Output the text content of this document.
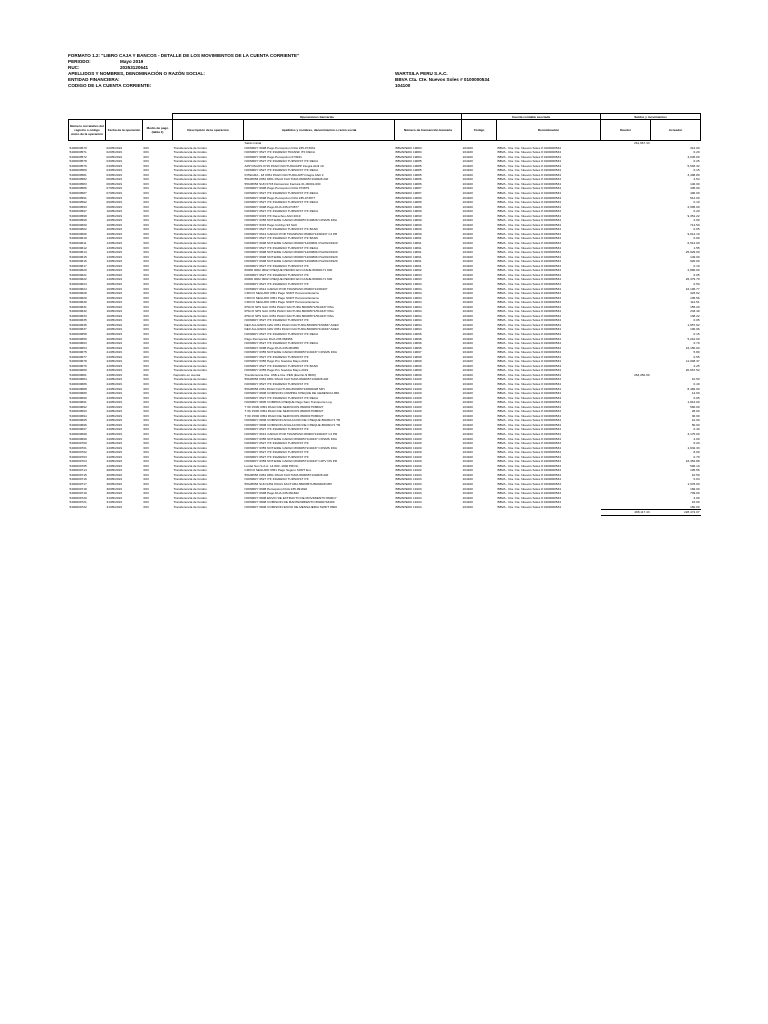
FORMATO 1.2: "LIBRO CAJA Y BANCOS - DETALLE DE LOS MOVIMIENTOS DE LA CUENTA CORRIENTE"
PERIODO:	Mayo 2019
RUC:	20253120641
APELLIDOS Y NOMBRES, DENOMINACIÓN O RAZÓN SOCIAL:	WARTSILA PERU S.A.C.
ENTIDAD FINANCIERA:	BBVA Cta. Cte. Nuevos Soles # 0100000534
CODIGO DE LA CUENTA CORRIENTE:	104100
			Operaciones bancarias			Cuenta contable asociada		Saldos y movimientos	
Número correlativo del registro o código único de la operación	Fecha de la operación	Medio de pago (tabla 1)	Descripción de la operación	Apellidos y nombres, denominación o razón social	Número de transacción bancaria	Código	Denominación	Deudor	Acreedor
				Saldo Inicial				261,967.43	
5400000570	02/05/2019	003	Transferencia de fondos	NOWRRY 0998 Pago Percepcion DUA 235-073931	BBVAPERU 19084	104100	BBVA - Cta. Cte. Nuevos Soles # 0100000534		312.00
5400000571	02/05/2019	003	Transferencia de fondos	NOWRRY 0527 ITF INGRESO TRANSF ITF RECA	BBVAPERU 19084	104100	BBVA - Cta. Cte. Nuevos Soles # 0100000534		0.20
5400000572	02/05/2019	003	Transferencia de fondos	NOWRRY 0998 Pago Percepcion 073931	BBVAPERU 19084	104100	BBVA - Cta. Cte. Nuevos Soles # 0100000534		4,045.00
5400000578	03/05/2019	003	Transferencia de fondos	NOWRRY 0527 ITF INGRESO TURSIOST ITF RECA	BBVAPERU 19085	104100	BBVA - Cta. Cte. Nuevos Soles # 0100000534		0.25
5400000579	03/05/2019	003	Transferencia de fondos	APP PAGOS 0715 PAGO FACTURA/APP Integra Abril 19	BBVAPERU 19085	104100	BBVA - Cta. Cte. Nuevos Soles # 0100000534		5,503.32
5400000580	03/05/2019	003	Transferencia de fondos	NOWRRY 0527 ITF INGRESO TURSIOST ITF RECA	BBVAPERU 19085	104100	BBVA - Cta. Cte. Nuevos Soles # 0100000534		0.15
5400000581	03/05/2019	003	Transferencia de fondos	INTEGRA - 18 0351 PAGO FACTURA APP Integra Abril 2	BBVAPERU 19085	104100	BBVA - Cta. Cte. Nuevos Soles # 0100000534		3,498.89
5400000582	06/05/2019	003	Transferencia de fondos	55108653 0354 0351 PAGO FACTURA 86000571/40828 AIR	BBVAPERU 19086	104100	BBVA - Cta. Cte. Nuevos Soles # 0100000534		2.54
5400000583	06/05/2019	003	Transferencia de fondos	55108653 SUN 0715 Detraccion Factura 01-00001-000	BBVAPERU 19086	104100	BBVA - Cta. Cte. Nuevos Soles # 0100000534		140.00
5400000586	07/05/2019	003	Transferencia de fondos	NOWRRY 0998 Pago Percepcion DUA 073879	BBVAPERU 19087	104100	BBVA - Cta. Cte. Nuevos Soles # 0100000534		435.00
5400000587	07/05/2019	003	Transferencia de fondos	NOWRRY 0527 ITF INGRESO TURSIOST ITF RECA	BBVAPERU 19087	104100	BBVA - Cta. Cte. Nuevos Soles # 0100000534		406.00
5400000591	09/05/2019	003	Transferencia de fondos	NOWRRY 0998 Pago Percepcion DUA 235-073877	BBVAPERU 19089	104100	BBVA - Cta. Cte. Nuevos Soles # 0100000534		512.00
5400000592	09/05/2019	003	Transferencia de fondos	NOWRRY 0527 ITF INGRESO TURSIOST ITF RECA	BBVAPERU 19089	104100	BBVA - Cta. Cte. Nuevos Soles # 0100000534		0.10
5400000593	09/05/2019	003	Transferencia de fondos	NOWRRY 0998 Pago DUA 235-073877	BBVAPERU 19089	104100	BBVA - Cta. Cte. Nuevos Soles # 0100000534		2,995.00
5400000597	10/05/2019	003	Transferencia de fondos	NOWRRY 0527 ITF INGRESO TURSIOST ITF RECA	BBVAPERU 19090	104100	BBVA - Cta. Cte. Nuevos Soles # 0100000534		0.20
5400000598	10/05/2019	003	Transferencia de fondos	NOWRRY 0315 ITF Derechos Abril 2019	BBVAPERU 19090	104100	BBVA - Cta. Cte. Nuevos Soles # 0100000534		9,351.22
5400000599	10/05/2019	003	Transferencia de fondos	NOWRRY 0355 NOT.E/DE CARGO 86000571/40828 COSMS FRA	BBVAPERU 19090	104100	BBVA - Cta. Cte. Nuevos Soles # 0100000534		2.00
5400000600	10/05/2019	003	Transferencia de fondos	NOWRRY 0315 Pago Cobbys 93 SAC	BBVAPERU 19090	104100	BBVA - Cta. Cte. Nuevos Soles # 0100000534		714.50
5400000602	10/05/2019	003	Transferencia de fondos	NOWRRY 0527 ITF INGRESO TURSIOST ITF BANC	BBVAPERU 19090	104100	BBVA - Cta. Cte. Nuevos Soles # 0100000534		0.05
5400000606	10/05/2019	003	Transferencia de fondos	NOWRRY 0612 CARGO POR TRASPASO 86000714/00437 CJ PR	BBVAPERU 19090	104100	BBVA - Cta. Cte. Nuevos Soles # 0100000534		9,014.10
5400000610	13/05/2019	003	Transferencia de fondos	NOWRRY 0527 ITF INGRESO TURSIOST ITF BANC	BBVAPERU 19091	104100	BBVA - Cta. Cte. Nuevos Soles # 0100000534		0.90
5400000611	13/05/2019	003	Transferencia de fondos	NOWRRY 0998 NOT.E/DE CARGO 86000714/00801 PG2013/1920	BBVAPERU 19091	104100	BBVA - Cta. Cte. Nuevos Soles # 0100000534		6,512.00
5400000612	13/05/2019	003	Transferencia de fondos	NOWRRY 0527 ITF INGRESO TURSIOST ITF RECA	BBVAPERU 19091	104100	BBVA - Cta. Cte. Nuevos Soles # 0100000534		1.55
5400000613	13/05/2019	003	Transferencia de fondos	NOWRRY 0998 NOT.E/DE CARGO 86000714/00806 PG2013/1920	BBVAPERU 19091	104100	BBVA - Cta. Cte. Nuevos Soles # 0100000534		25,929.00
5400000615	13/05/2019	003	Transferencia de fondos	NOWRRY 0998 NOT.E/DE CARGO 86000714/00806 PG2013/1920	BBVAPERU 19091	104100	BBVA - Cta. Cte. Nuevos Soles # 0100000534		149.00
5400000616	13/05/2019	003	Transferencia de fondos	NOWRRY 0998 NOT.E/DE CARGO 86000714/00806 PG2013/1920	BBVAPERU 19091	104100	BBVA - Cta. Cte. Nuevos Soles # 0100000534		920.00
5400000617	13/05/2019	003	Transferencia de fondos	NOWRRY 0527 ITF INGRESO TURSIOST ITF	BBVAPERU 19091	104100	BBVA - Cta. Cte. Nuevos Soles # 0100000534		0.10
5400000620	13/05/2019	003	Transferencia de fondos	00000 0002 0602 CHEQUE PEDIDO EN CANJE 86000171 900	BBVAPERU 19092	104100	BBVA - Cta. Cte. Nuevos Soles # 0100000534		2,800.00
5400000621	14/05/2019	003	Transferencia de fondos	NOWRRY 0527 ITF INGRESO TURSIOST ITF	BBVAPERU 19093	104100	BBVA - Cta. Cte. Nuevos Soles # 0100000534		0.05
5400000622	14/05/2019	003	Transferencia de fondos	00000 0002 0602 CHEQUE PEDIDO EN CANJE 86000171 600	BBVAPERU 19093	104100	BBVA - Cta. Cte. Nuevos Soles # 0100000534		26,379.79
5400000623	16/05/2019	003	Transferencia de fondos	NOWRRY 0527 ITF INGRESO TURSIOST ITF	BBVAPERU 19094	104100	BBVA - Cta. Cte. Nuevos Soles # 0100000534		0.50
5400000624	16/05/2019	003	Transferencia de fondos	NOWRRY 0612 CARGO POR TRASPASO 86000714/00437	BBVAPERU 19094	104100	BBVA - Cta. Cte. Nuevos Soles # 0100000534		16,106.77
5400000628	16/05/2019	003	Transferencia de fondos	CIFICO SEGURO 0351 Pago SORT Personal Externo	BBVAPERU 19094	104100	BBVA - Cta. Cte. Nuevos Soles # 0100000534		323.62
5400000629	16/05/2019	003	Transferencia de fondos	CIFICO SEGURO 0351 Pago SORT Personal Externo	BBVAPERU 19094	104100	BBVA - Cta. Cte. Nuevos Soles # 0100000534		105.56
5400000630	16/05/2019	003	Transferencia de fondos	CIFICO SEGURO 0351 Pago SORT Personal Externo	BBVAPERU 19094	104100	BBVA - Cta. Cte. Nuevos Soles # 0100000534		112.51
5400000631	16/05/2019	003	Transferencia de fondos	IPSCO SPS SAC 0351 PAGO FACTURA 86000571/510437 PAG	BBVAPERU 19094	104100	BBVA - Cta. Cte. Nuevos Soles # 0100000534		155.29
5400000632	16/05/2019	003	Transferencia de fondos	IPSCO SPS SAC 0351 PAGO FACTURA 86000571/510437 PAG	BBVAPERU 19094	104100	BBVA - Cta. Cte. Nuevos Soles # 0100000534		233.49
5400000633	16/05/2019	003	Transferencia de fondos	IPSCO SPS SAC 0351 PAGO FACTURA 86000571/510437 PAG	BBVAPERU 19094	104100	BBVA - Cta. Cte. Nuevos Soles # 0100000534		138.22
5400000635	16/05/2019	003	Transferencia de fondos	NOWRRY 0527 ITF INGRESO TURSIOST ITF	BBVAPERU 19094	104100	BBVA - Cta. Cte. Nuevos Soles # 0100000534		0.05
5400000636	16/05/2019	003	Transferencia de fondos	DEX ALLIANKS NAV 0351 PAGO FACTURA 86000571/09837 ADEX	BBVAPERU 19094	104100	BBVA - Cta. Cte. Nuevos Soles # 0100000534		1,657.62
5400000637	16/05/2019	003	Transferencia de fondos	DEX ALLIANKS NAV 0351 PAGO FACTURA 86000571/40437 ADEX	BBVAPERU 19094	104100	BBVA - Cta. Cte. Nuevos Soles # 0100000534		100.06
5400000658	20/05/2019	003	Transferencia de fondos	NOWRRY 0527 ITF INGRESO TURSIOST ITF RECA	BBVAPERU 19096	104100	BBVA - Cta. Cte. Nuevos Soles # 0100000534		0.15
5400000659	20/05/2019	003	Transferencia de fondos	Pago Percepcion DUA 235 084956	BBVAPERU 19096	104100	BBVA - Cta. Cte. Nuevos Soles # 0100000534		5,210.00
5400000663	20/05/2019	003	Transferencia de fondos	NOWRRY 0527 ITF INGRESO TURSIOST ITF RECA	BBVAPERU 19096	104100	BBVA - Cta. Cte. Nuevos Soles # 0100000534		0.79
5400000664	20/05/2019	003	Transferencia de fondos	NOWRRY 0998 Pago DUA 235-084956	BBVAPERU 19096	104100	BBVA - Cta. Cte. Nuevos Soles # 0100000534		16,150.00
5400000675	21/05/2019	003	Transferencia de fondos	NOWRRY 0355 NOT.E/DE CARGO 86000571/40437 COSMS FRA	BBVAPERU 19097	104100	BBVA - Cta. Cte. Nuevos Soles # 0100000534		5.80
5400000677	23/05/2019	003	Transferencia de fondos	NOWRRY 0527 ITF INGRESO TURSIOST ITF	BBVAPERU 19099	104100	BBVA - Cta. Cte. Nuevos Soles # 0100000534		0.55
5400000678	23/05/2019	003	Transferencia de fondos	NOWRRY 0355 Pago Pro Sueldos Mayo 2019	BBVAPERU 19099	104100	BBVA - Cta. Cte. Nuevos Soles # 0100000534		11,008.37
5400000679	23/05/2019	003	Transferencia de fondos	NOWRRY 0527 ITF INGRESO TURSIOST ITF BANC	BBVAPERU 19099	104100	BBVA - Cta. Cte. Nuevos Soles # 0100000534		2.25
5400000680	23/05/2019	003	Transferencia de fondos	NOWRRY 0355 Pago Pro Sueldos Mayo 2019	BBVAPERU 19099	104100	BBVA - Cta. Cte. Nuevos Soles # 0100000534		20,667.52
5400000681	24/05/2019	001	Depósito en cuenta	Transferencia Cta. US$ a Cta. PEN (Escrito $ 3606)	BBVAPERU 19099	104100	BBVA - Cta. Cte. Nuevos Soles # 0100000534	263,250.00	
5400000684	24/05/2019	003	Transferencia de fondos	55108653 0354 0351 PAGO FACTURA 86000571/40828 AIR	BBVAPERU 19100	104100	BBVA - Cta. Cte. Nuevos Soles # 0100000534		10.50
5400000686	24/05/2019	003	Transferencia de fondos	NOWRRY 0527 ITF INGRESO TURSIOST ITF	BBVAPERU 19100	104100	BBVA - Cta. Cte. Nuevos Soles # 0100000534		0.40
5400000688	24/05/2019	003	Transferencia de fondos	55108653 0351 PAGO FACTURA 86000571/8000028 MPI	BBVAPERU 19100	104100	BBVA - Cta. Cte. Nuevos Soles # 0100000534		8,482.00
5400000689	24/05/2019	003	Transferencia de fondos	NOWRRY 0808 COMISION COMPRA CHEQUE DE GERENCIA 860	BBVAPERU 19100	104100	BBVA - Cta. Cte. Nuevos Soles # 0100000534		14.00
5400000690	24/05/2019	003	Transferencia de fondos	NOWRRY 0527 ITF INGRESO TURSIOST ITF RECA	BBVAPERU 19100	104100	BBVA - Cta. Cte. Nuevos Soles # 0100000534		0.05
5400000691	24/05/2019	003	Transferencia de fondos	NOWRRY 0805 COMPRA CHEQUE Pago Sam Transporte Log	BBVAPERU 19100	104100	BBVA - Cta. Cte. Nuevos Soles # 0100000534		1,812.00
5400000692	24/05/2019	003	Transferencia de fondos	T 00 15/00 0354 PAGO DE SERVICIOS 86000175/86027	BBVAPERU 19100	104100	BBVA - Cta. Cte. Nuevos Soles # 0100000534		590.00
5400000693	24/05/2019	003	Transferencia de fondos	T 00 15/00 0354 PAGO DE SERVICIOS 86000175/86027	BBVAPERU 19100	104100	BBVA - Cta. Cte. Nuevos Soles # 0100000534		28.00
5400000694	24/05/2019	003	Transferencia de fondos	T 00 15/00 0354 PAGO DE SERVICIOS 86000175/86027	BBVAPERU 19100	104100	BBVA - Cta. Cte. Nuevos Soles # 0100000534		36.00
5400000695	24/05/2019	003	Transferencia de fondos	NOWRRY 0808 COMISION ANULACION DE CHEQUE 86000171 TR	BBVAPERU 19100	104100	BBVA - Cta. Cte. Nuevos Soles # 0100000534		10.00
5400000696	24/05/2019	003	Transferencia de fondos	NOWRRY 0808 COMISION ANULACION DE CHEQUE 86000171 TR	BBVAPERU 19100	104100	BBVA - Cta. Cte. Nuevos Soles # 0100000534		50.00
5400000697	24/05/2019	003	Transferencia de fondos	NOWRRY 0527 ITF INGRESO TURSIOST ITF	BBVAPERU 19100	104100	BBVA - Cta. Cte. Nuevos Soles # 0100000534		0.40
5400000698	24/05/2019	003	Transferencia de fondos	NOWRRY 0612 CARGO POR TRASPASO 86000714/00437 CJ PR	BBVAPERU 19100	104100	BBVA - Cta. Cte. Nuevos Soles # 0100000534		3,175.00
5400000699	24/05/2019	003	Transferencia de fondos	NOWRRY 0355 NOT.E/DE CARGO 86000571/40437 COSMS FRA	BBVAPERU 19100	104100	BBVA - Cta. Cte. Nuevos Soles # 0100000534		2.00
5400000700	24/05/2019	003	Transferencia de fondos	NOWRRY 0527 ITF INGRESO TURSIOST ITF	BBVAPERU 19100	104100	BBVA - Cta. Cte. Nuevos Soles # 0100000534		0.20
5400000701	24/05/2019	003	Transferencia de fondos	NOWRRY 0355 NOT.E/DE CARGO 86000571/40437 COSMS FRA	BBVAPERU 19100	104100	BBVA - Cta. Cte. Nuevos Soles # 0100000534		1,632.33
5400000702	24/05/2019	003	Transferencia de fondos	NOWRRY 0527 ITF INGRESO TURSIOST ITF	BBVAPERU 19100	104100	BBVA - Cta. Cte. Nuevos Soles # 0100000534		8.00
5400000703	24/05/2019	003	Transferencia de fondos	NOWRRY 0527 ITF INGRESO TURSIOST ITF	BBVAPERU 19100	104100	BBVA - Cta. Cte. Nuevos Soles # 0100000534		0.79
5400000704	24/05/2019	003	Transferencia de fondos	NOWRRY 0355 NOT.E/DE CARGO 86000571/40437 CJPV ON PR	BBVAPERU 19100	104100	BBVA - Cta. Cte. Nuevos Soles # 0100000534		16,452.88
5400000705	24/05/2019	003	Transferencia de fondos	Lurdel Sun S.A.A. 14 800 -1000 PROLI	BBVAPERU 19100	104100	BBVA - Cta. Cte. Nuevos Soles # 0100000534		596.10
5400000714	28/05/2019	003	Transferencia de fondos	CIFICO SEGURO 0351 Pago Seguro SORT Ext.	BBVAPERU 19102	104100	BBVA - Cta. Cte. Nuevos Soles # 0100000534		105.56
5400000715	30/05/2019	003	Transferencia de fondos	55108653 0354 0351 PAGO FACTURA 86000571/40828 AIR	BBVAPERU 19103	104100	BBVA - Cta. Cte. Nuevos Soles # 0100000534		10.50
5400000716	30/05/2019	003	Transferencia de fondos	NOWRRY 0527 ITF INGRESO TURSIOST ITF	BBVAPERU 19103	104100	BBVA - Cta. Cte. Nuevos Soles # 0100000534		0.04
5400000717	30/05/2019	003	Transferencia de fondos	55108653 SUN 0351 PAGO FACTURA 86000571/8000028 MPI	BBVAPERU 19103	104100	BBVA - Cta. Cte. Nuevos Soles # 0100000534		1,978.00
5400000718	30/05/2019	003	Transferencia de fondos	NOWRRY 0998 Percepcion DUA 235-091822	BBVAPERU 19103	104100	BBVA - Cta. Cte. Nuevos Soles # 0100000534		169.00
5400000719	30/05/2019	003	Transferencia de fondos	NOWRRY 0998 Pago DUA 235-091822	BBVAPERU 19103	104100	BBVA - Cta. Cte. Nuevos Soles # 0100000534		739.00
5400000720	31/05/2019	003	Transferencia de fondos	NOWRRY 0808 ENVIO DE EXTRACTO DE MOVIMIENTO 860017	BBVAPERU 19104	104100	BBVA - Cta. Cte. Nuevos Soles # 0100000534		2.00
5400000721	31/05/2019	003	Transferencia de fondos	NOWRRY 0808 COMISION DE MANTENIMIENTO 86000718400	BBVAPERU 19104	104100	BBVA - Cta. Cte. Nuevos Soles # 0100000534		15.00
5400000722	31/05/2019	003	Transferencia de fondos	NOWRRY 0808 COMISION ENVIO DE MENSAJERIA SWIFT 8600	BBVAPERU 19104	104100	BBVA - Cta. Cte. Nuevos Soles # 0100000534		160.00
								488,117.43	228,474.07
